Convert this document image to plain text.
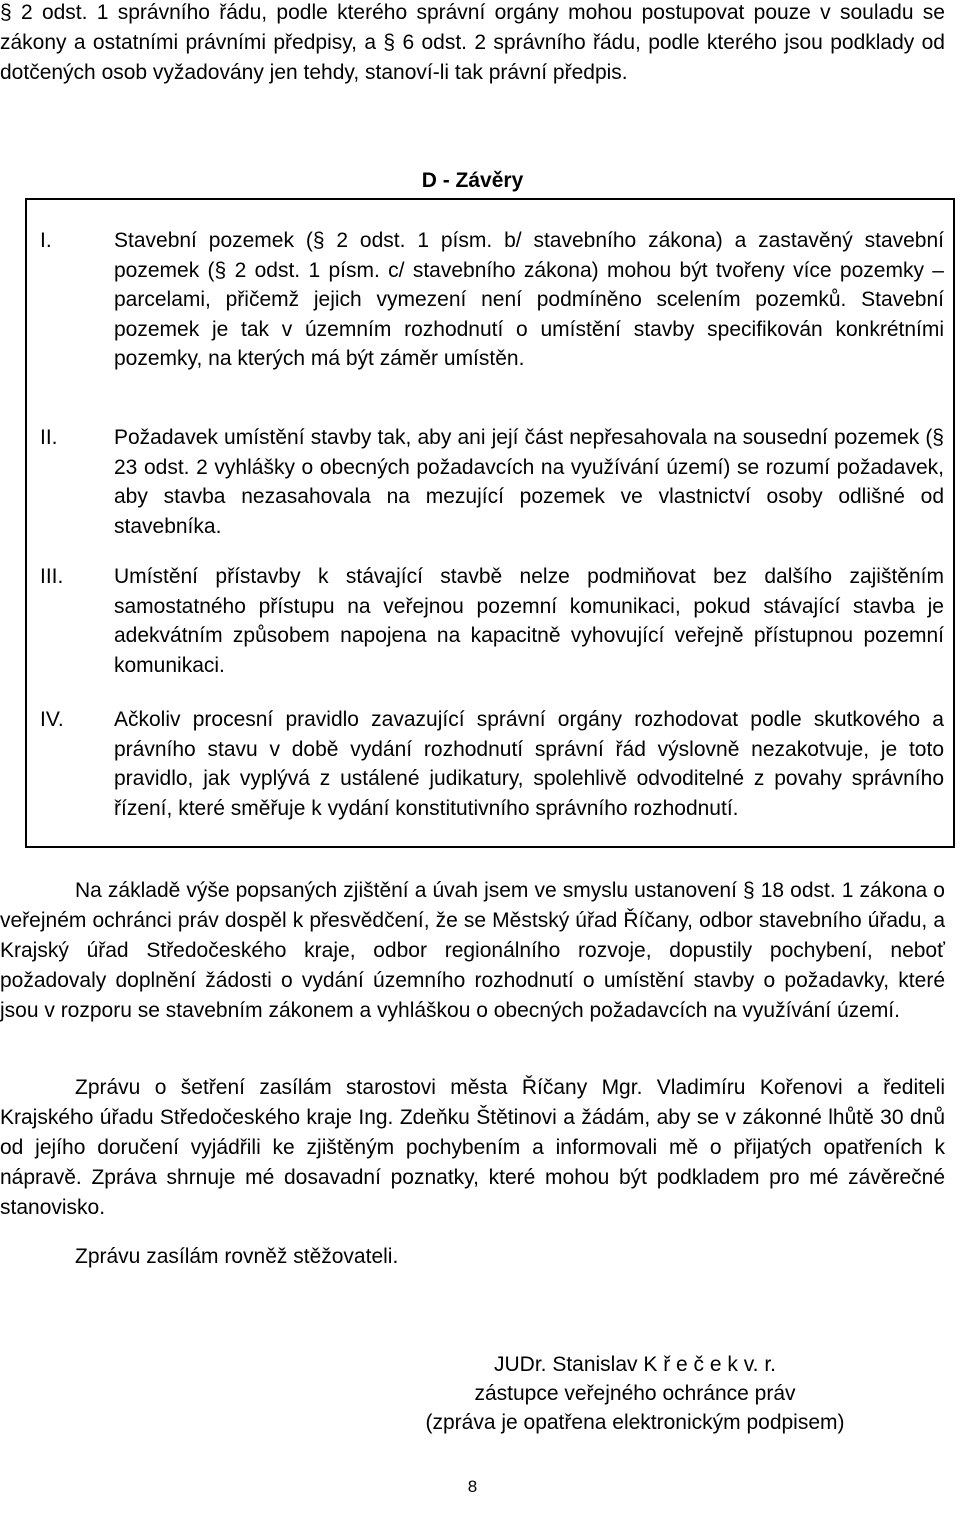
§ 2 odst. 1 správního řádu, podle kterého správní orgány mohou postupovat pouze v souladu se zákony a ostatními právními předpisy, a § 6 odst. 2 správního řádu, podle kterého jsou podklady od dotčených osob vyžadovány jen tehdy, stanoví-li tak právní předpis.

D - Závěry
I.	Stavební pozemek (§ 2 odst. 1 písm. b/ stavebního zákona) a zastavěný stavební pozemek (§ 2 odst. 1 písm. c/ stavebního zákona) mohou být tvořeny více pozemky – parcelami, přičemž jejich vymezení není podmíněno scelením pozemků. Stavební pozemek je tak v územním rozhodnutí o umístění stavby specifikován konkrétními pozemky, na kterých má být záměr umístěn.
II.	Požadavek umístění stavby tak, aby ani její část nepřesahovala na sousední pozemek (§ 23 odst. 2 vyhlášky o obecných požadavcích na využívání území) se rozumí požadavek, aby stavba nezasahovala na mezující pozemek ve vlastnictví osoby odlišné od stavebníka.
III. Umístění přístavby k stávající stavbě nelze podmiňovat bez dalšího zajištěním samostatného přístupu na veřejnou pozemní komunikaci, pokud stávající stavba je adekvátním způsobem napojena na kapacitně vyhovující veřejně přístupnou pozemní komunikaci.
IV. Ačkoliv procesní pravidlo zavazující správní orgány rozhodovat podle skutkového a právního stavu v době vydání rozhodnutí správní řád výslovně nezakotvuje, je toto pravidlo, jak vyplývá z ustálené judikatury, spolehlivě odvoditelné z povahy správního řízení, které směřuje k vydání konstitutivního správního rozhodnutí.

Na základě výše popsaných zjištění a úvah jsem ve smyslu ustanovení § 18 odst. 1 zákona o veřejném ochránci práv dospěl k přesvědčení, že se Městský úřad Říčany, odbor stavebního úřadu, a Krajský úřad Středočeského kraje, odbor regionálního rozvoje, dopustily pochybení, neboť požadovaly doplnění žádosti o vydání územního rozhodnutí o umístění stavby o požadavky, které jsou v rozporu se stavebním zákonem a vyhláškou o obecných požadavcích na využívání území.

Zprávu o šetření zasílám starostovi města Říčany Mgr. Vladimíru Kořenovi a řediteli Krajského úřadu Středočeského kraje Ing. Zdeňku Štětinovi a žádám, aby se v zákonné lhůtě 30 dnů od jejího doručení vyjádřili ke zjištěným pochybením a informovali mě o přijatých opatřeních k nápravě. Zpráva shrnuje mé dosavadní poznatky, které mohou být podkladem pro mé závěrečné stanovisko.

Zprávu zasílám rovněž stěžovateli.

JUDr. Stanislav K ř e č e k v. r.
zástupce veřejného ochránce práv
(zpráva je opatřena elektronickým podpisem)
8
